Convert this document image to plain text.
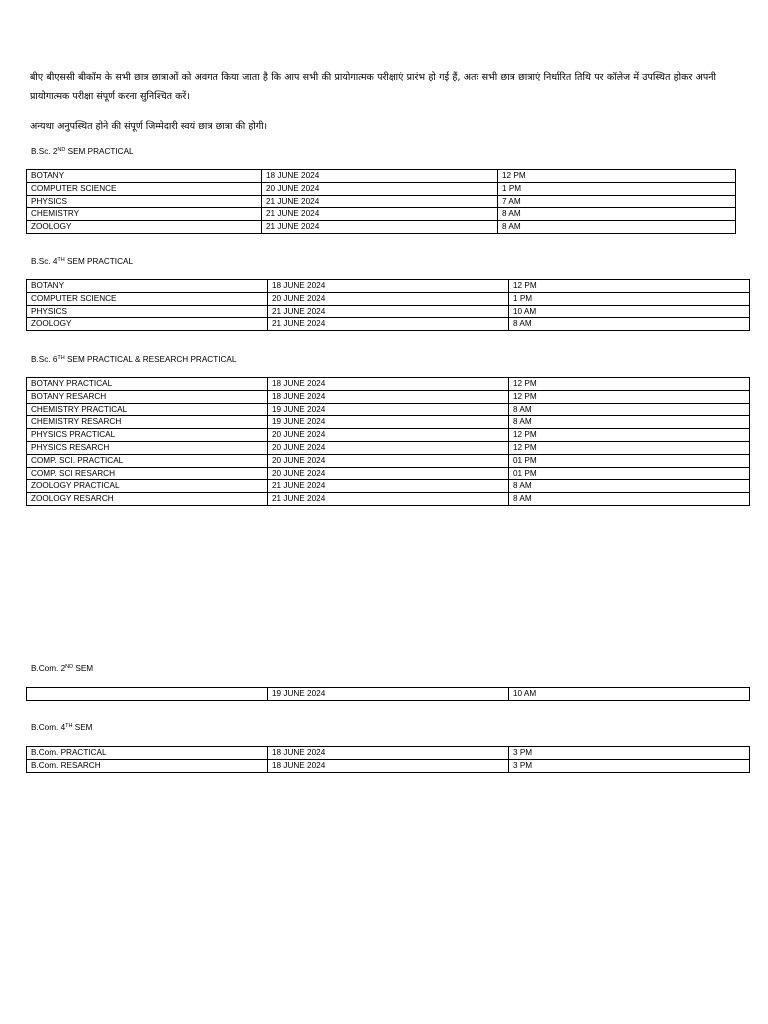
बीए बीएससी बीकॉम के सभी छात्र छात्राओं को अवगत किया जाता है कि आप सभी की प्रायोगात्मक परीक्षाएं प्रारंभ हो गई हैं, अतः सभी छात्र छात्राएं निर्धारित तिथि पर कॉलेज में उपस्थित होकर अपनी प्रायोगात्मक परीक्षा संपूर्ण करना सुनिश्चित करें।

अन्यथा अनुपस्थित होने की संपूर्ण जिम्मेदारी स्वयं छात्र छात्रा की होगी।

B.Sc. 2ND SEM PRACTICAL

BOTANY	18 JUNE 2024	12 PM
COMPUTER SCIENCE	20 JUNE 2024	1 PM
PHYSICS	21 JUNE 2024	7 AM
CHEMISTRY	21 JUNE 2024	8 AM
ZOOLOGY	21 JUNE 2024	8 AM

B.Sc. 4TH SEM PRACTICAL

BOTANY	18 JUNE 2024	12 PM
COMPUTER SCIENCE	20 JUNE 2024	1 PM
PHYSICS	21 JUNE 2024	10 AM
ZOOLOGY	21 JUNE 2024	8 AM

B.Sc. 6TH SEM PRACTICAL & RESEARCH PRACTICAL

BOTANY PRACTICAL	18 JUNE 2024	12 PM
BOTANY RESARCH	18 JUNE 2024	12 PM
CHEMISTRY PRACTICAL	19 JUNE 2024	8 AM
CHEMISTRY RESARCH	19 JUNE 2024	8 AM
PHYSICS PRACTICAL	20 JUNE 2024	12 PM
PHYSICS RESARCH	20 JUNE 2024	12 PM
COMP. SCI. PRACTICAL	20 JUNE 2024	01 PM
COMP. SCI RESARCH	20 JUNE 2024	01 PM
ZOOLOGY PRACTICAL	21 JUNE 2024	8 AM
ZOOLOGY RESARCH	21 JUNE 2024	8 AM

B.Com. 2ND SEM

	19 JUNE 2024	10 AM

B.Com. 4TH SEM

B.Com. PRACTICAL	18 JUNE 2024	3 PM
B.Com. RESARCH	18 JUNE 2024	3 PM
